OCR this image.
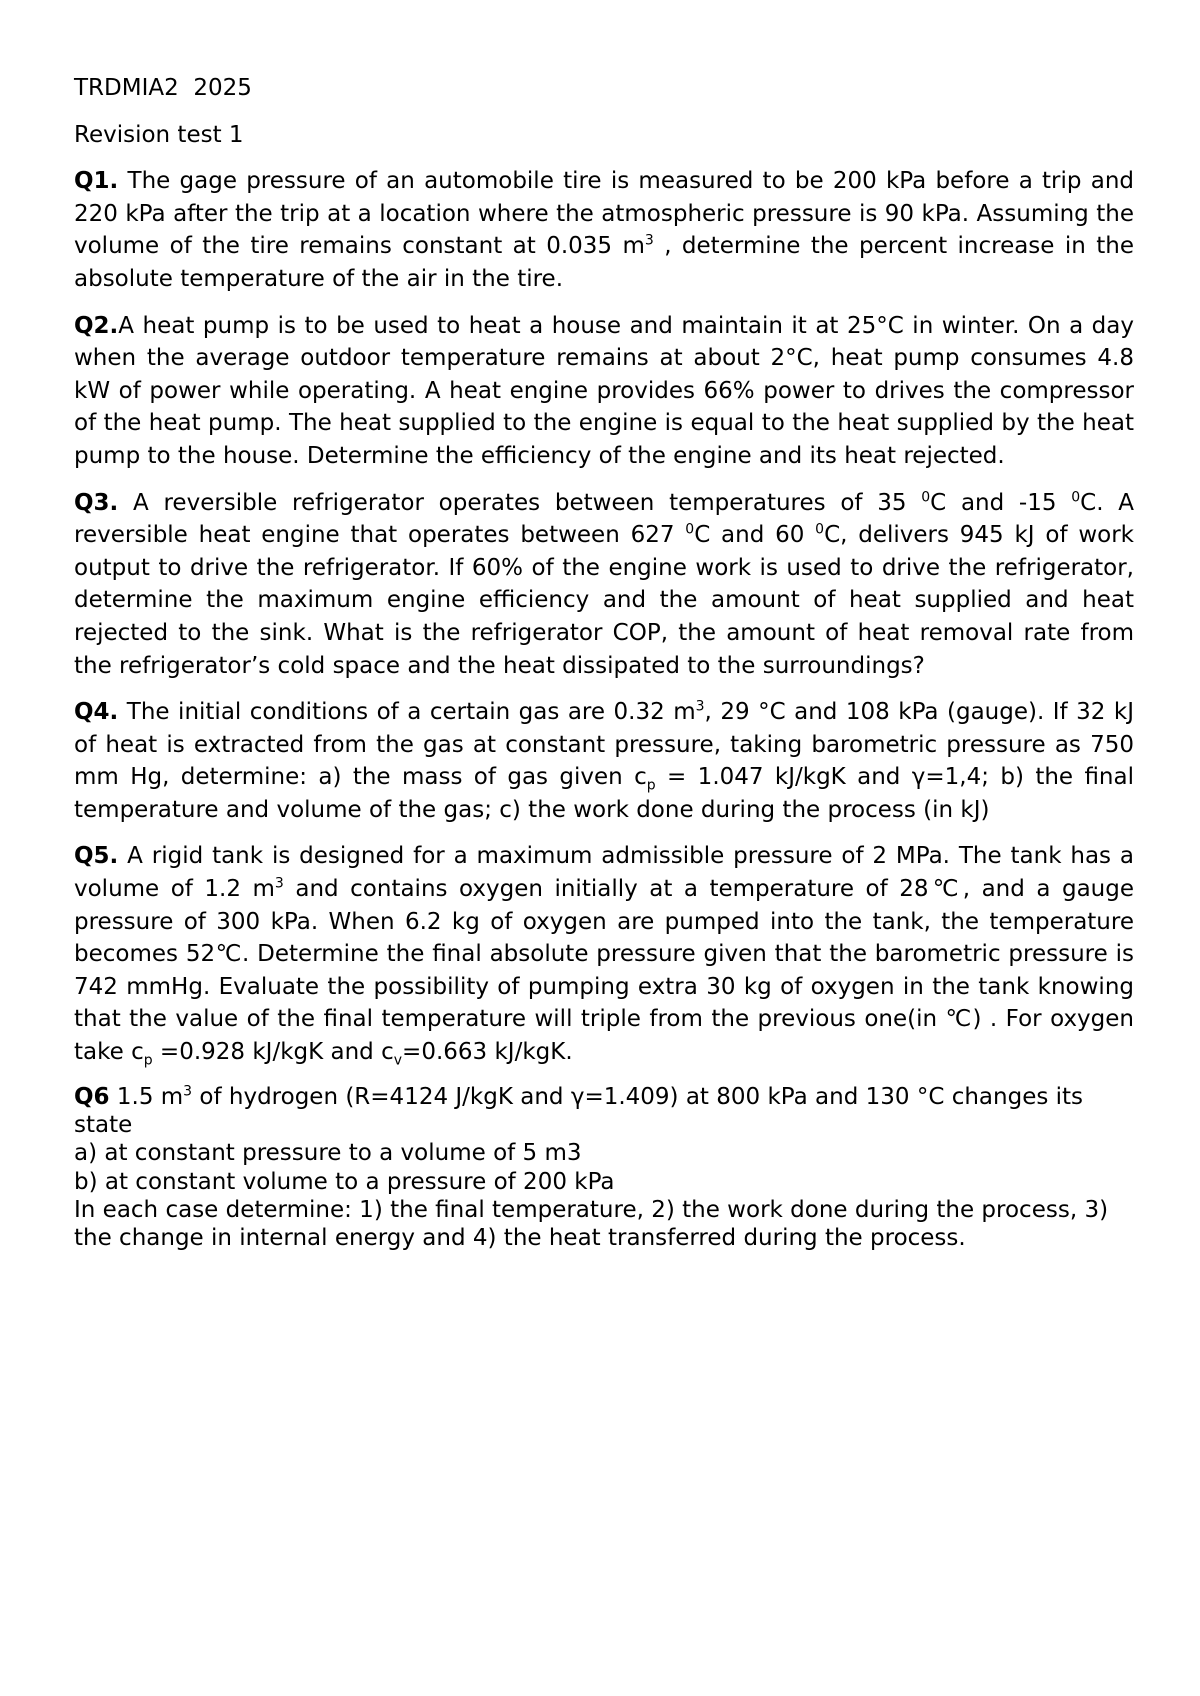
TRDMIA2  2025

Revision test 1

Q1. The gage pressure of an automobile tire is measured to be 200 kPa before a trip and 220 kPa after the trip at a location where the atmospheric pressure is 90 kPa. Assuming the volume of the tire remains constant at 0.035 $m^3$ , determine the percent increase in the absolute temperature of the air in the tire.

Q2.A heat pump is to be used to heat a house and maintain it at 25°C in winter. On a day when the average outdoor temperature remains at about 2°C, heat pump consumes 4.8 kW of power while operating. A heat engine provides 66% power to drives the compressor of the heat pump. The heat supplied to the engine is equal to the heat supplied by the heat pump to the house. Determine the efficiency of the engine and its heat rejected.

Q3. A reversible refrigerator operates between temperatures of 35 $^0$C and -15 $^0$C. A reversible heat engine that operates between 627 $^0$C and 60 $^0$C, delivers 945 kJ of work output to drive the refrigerator. If 60% of the engine work is used to drive the refrigerator, determine the maximum engine efficiency and the amount of heat supplied and heat rejected to the sink. What is the refrigerator COP, the amount of heat removal rate from the refrigerator’s cold space and the heat dissipated to the surroundings?

Q4. The initial conditions of a certain gas are 0.32 $m^3$, 29 °C and 108 kPa (gauge). If 32 kJ of heat is extracted from the gas at constant pressure, taking barometric pressure as 750 mm Hg, determine: a) the mass of gas given $c_p = 1.047$ kJ/kgK and γ=1,4; b) the final temperature and volume of the gas; c) the work done during the process (in kJ)

Q5. A rigid tank is designed for a maximum admissible pressure of 2 MPa. The tank has a volume of 1.2 $m^3$ and contains oxygen initially at a temperature of 28℃, and a gauge pressure of 300 kPa. When 6.2 kg of oxygen are pumped into the tank, the temperature becomes 52℃. Determine the final absolute pressure given that the barometric pressure is 742 mmHg. Evaluate the possibility of pumping extra 30 kg of oxygen in the tank knowing that the value of the final temperature will triple from the previous one(in ℃) . For oxygen take $c_p =0.928$ kJ/kgK and $c_v=0.663$ kJ/kgK.

Q6 1.5 $m^3$ of hydrogen (R=4124 J/kgK and γ=1.409) at 800 kPa and 130 °C changes its state
a) at constant pressure to a volume of 5 m3
b) at constant volume to a pressure of 200 kPa
In each case determine: 1) the final temperature, 2) the work done during the process, 3) the change in internal energy and 4) the heat transferred during the process.
